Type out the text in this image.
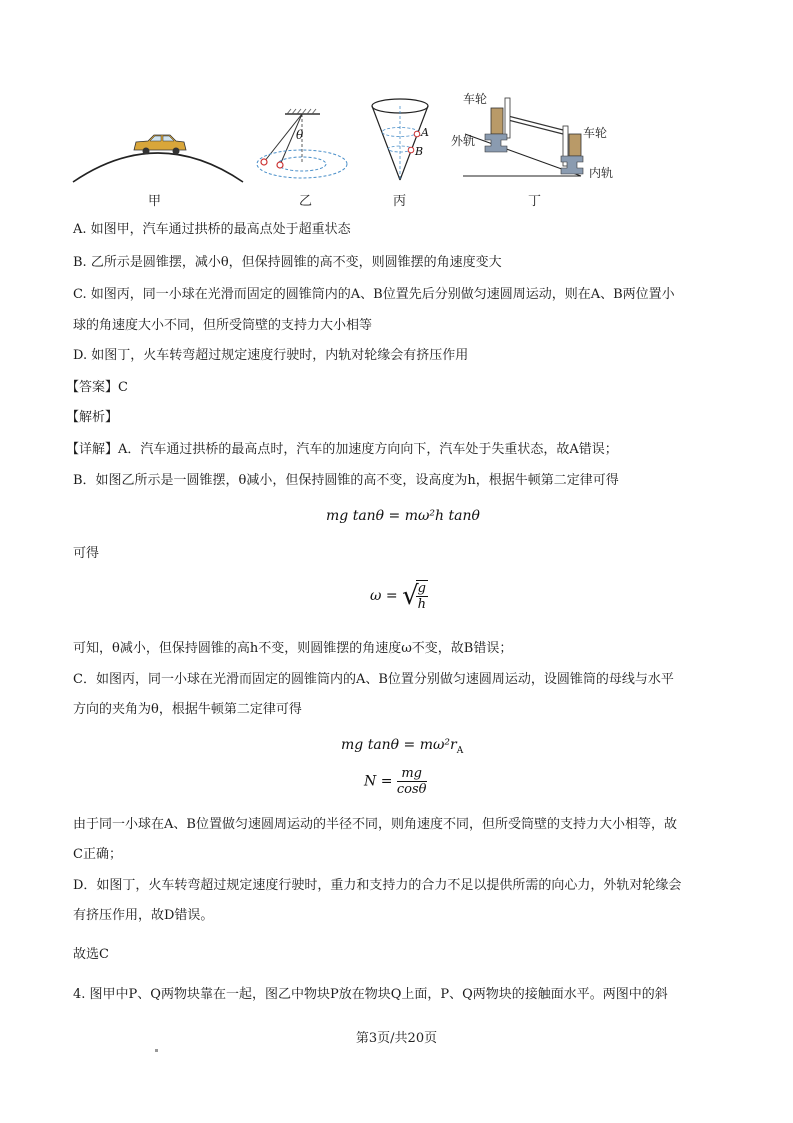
甲
θ
乙
A
B
丙
车轮
车轮
外轨
内轨
丁
A. 如图甲，汽车通过拱桥的最高点处于超重状态
B. 乙所示是圆锥摆，减小θ，但保持圆锥的高不变，则圆锥摆的角速度变大
C. 如图丙，同一小球在光滑而固定的圆锥筒内的A、B位置先后分别做匀速圆周运动，则在A、B两位置小
球的角速度大小不同，但所受筒壁的支持力大小相等
D. 如图丁，火车转弯超过规定速度行驶时，内轨对轮缘会有挤压作用
【答案】C
【解析】
【详解】A．汽车通过拱桥的最高点时，汽车的加速度方向向下，汽车处于失重状态，故A错误；
B．如图乙所示是一圆锥摆，θ减小，但保持圆锥的高不变，设高度为h，根据牛顿第二定律可得
mg tanθ = mω²h tanθ
可得
ω = √
$\frac{g}{h}$
可知，θ减小，但保持圆锥的高h不变，则圆锥摆的角速度ω不变，故B错误；
C．如图丙，同一小球在光滑而固定的圆锥筒内的A、B位置分别做匀速圆周运动，设圆锥筒的母线与水平
方向的夹角为θ，根据牛顿第二定律可得
mg $\tan\theta = m\omega^2r_A$
$N = \frac{mg}{\cos\theta}$
由于同一小球在A、B位置做匀速圆周运动的半径不同，则角速度不同，但所受筒壁的支持力大小相等，故
C正确；
D．如图丁，火车转弯超过规定速度行驶时，重力和支持力的合力不足以提供所需的向心力，外轨对轮缘会
有挤压作用，故D错误。
故选C
4. 图甲中P、Q两物块靠在一起，图乙中物块P放在物块Q上面，P、Q两物块的接触面水平。两图中的斜
第3页/共20页
